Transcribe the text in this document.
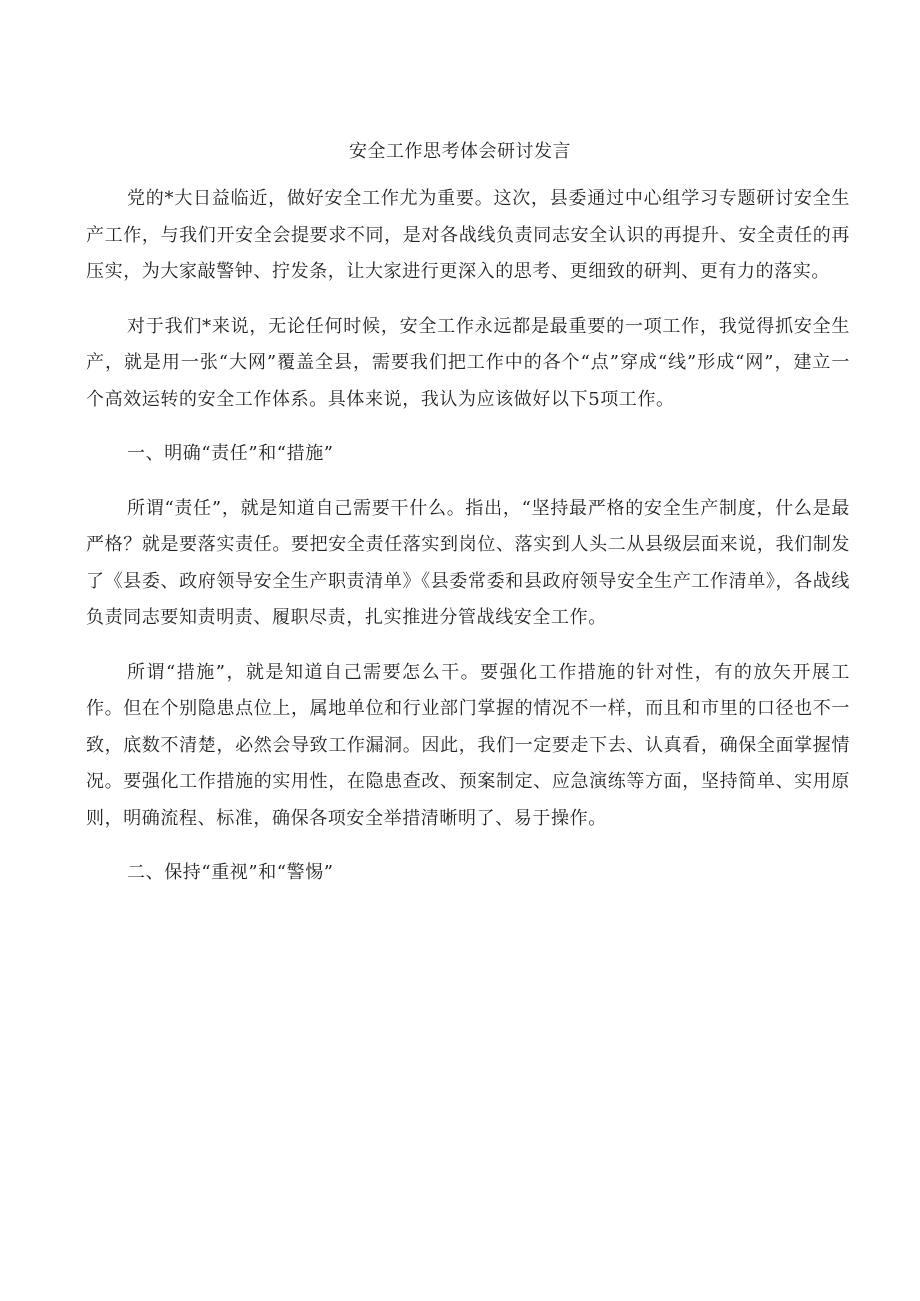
安全工作思考体会研讨发言

党的*大日益临近，做好安全工作尤为重要。这次，县委通过中心组学习专题研讨安全生产工作，与我们开安全会提要求不同，是对各战线负责同志安全认识的再提升、安全责任的再压实，为大家敲警钟、拧发条，让大家进行更深入的思考、更细致的研判、更有力的落实。

对于我们*来说，无论任何时候，安全工作永远都是最重要的一项工作，我觉得抓安全生产，就是用一张“大网”覆盖全县，需要我们把工作中的各个“点”穿成“线”形成“网”，建立一个高效运转的安全工作体系。具体来说，我认为应该做好以下5项工作。

一、明确“责任”和“措施”

所谓“责任”，就是知道自己需要干什么。指出，“坚持最严格的安全生产制度，什么是最严格？就是要落实责任。要把安全责任落实到岗位、落实到人头二从县级层面来说，我们制发了《县委、政府领导安全生产职责清单》《县委常委和县政府领导安全生产工作清单》，各战线负责同志要知责明责、履职尽责，扎实推进分管战线安全工作。

所谓“措施”，就是知道自己需要怎么干。要强化工作措施的针对性，有的放矢开展工作。但在个别隐患点位上，属地单位和行业部门掌握的情况不一样，而且和市里的口径也不一致，底数不清楚，必然会导致工作漏洞。因此，我们一定要走下去、认真看，确保全面掌握情况。要强化工作措施的实用性，在隐患查改、预案制定、应急演练等方面，坚持简单、实用原则，明确流程、标准，确保各项安全举措清晰明了、易于操作。

二、保持“重视”和“警惕”
